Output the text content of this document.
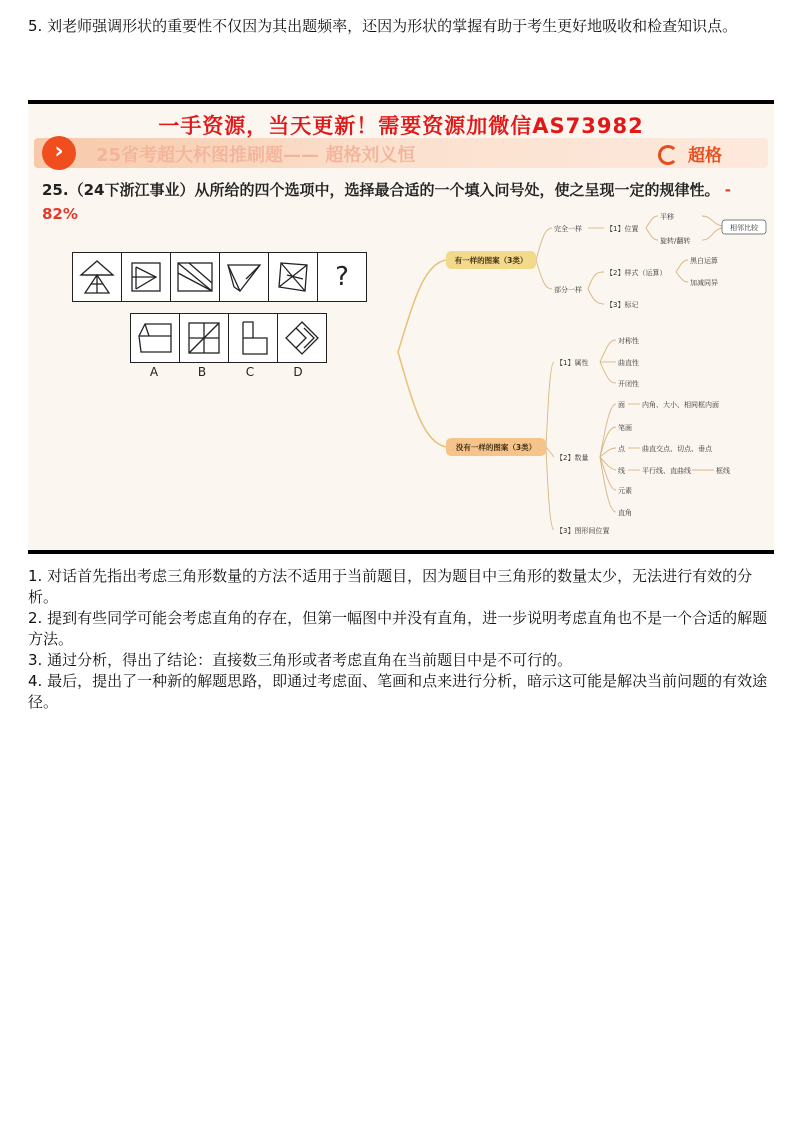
5. 刘老师强调形状的重要性不仅因为其出题频率，还因为形状的掌握有助于考生更好地吸收和检查知识点。
一手资源，当天更新！需要资源加微信AS73982
›	25省考超大杯图推刷题—— 超格刘义恒	超格
25.（24下浙江事业）从所给的四个选项中，选择最合适的一个填入问号处，使之呈现一定的规律性。 - 82%
?
A	B	C	D
有一样的图案（3类）
没有一样的图案（3类）
完全一样	【1】位置
平移
旋转/翻转
相邻比较
部分一样
【2】样式（运算）
黑白运算
加减同异
【3】标记
【1】属性
对称性
曲直性
开闭性
【2】数量
面 内角、大小、相同 框内面
笔画
点 曲直交点、切点、垂点
线 平行线、直曲线	框线
元素
直角
【3】图形间位置

1. 对话首先指出考虑三角形数量的方法不适用于当前题目，因为题目中三角形的数量太少，无法进行有效的分析。

2. 提到有些同学可能会考虑直角的存在，但第一幅图中并没有直角，进一步说明考虑直角也不是一个合适的解题方法。

3. 通过分析，得出了结论：直接数三角形或者考虑直角在当前题目中是不可行的。

4. 最后，提出了一种新的解题思路，即通过考虑面、笔画和点来进行分析，暗示这可能是解决当前问题的有效途径。
